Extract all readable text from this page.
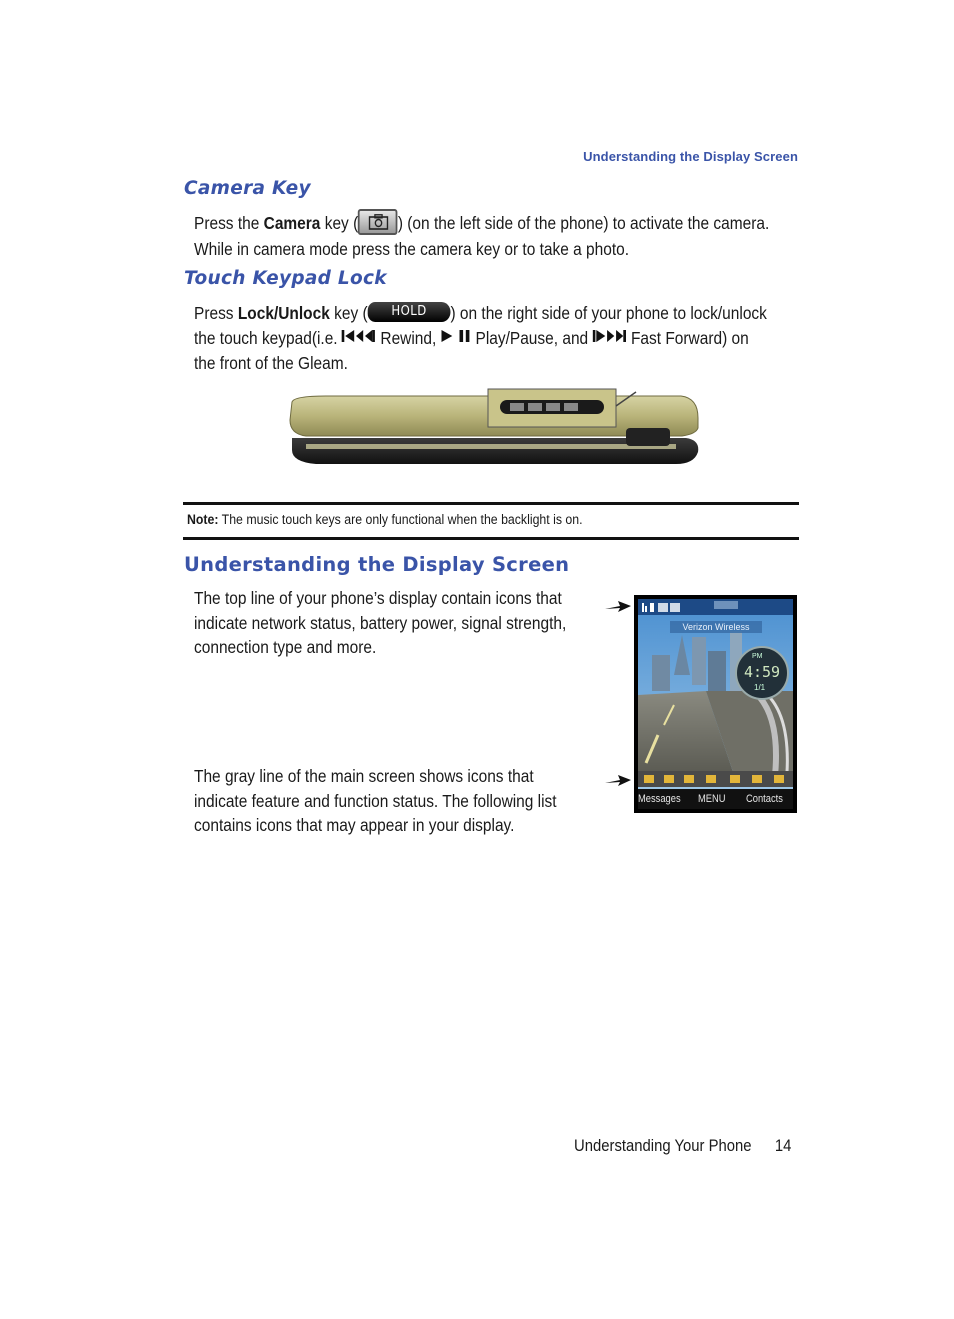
Understanding the Display Screen
Camera Key
Press the Camera key ( ) (on the left side of the phone) to activate the camera.
While in camera mode press the camera key or to take a photo.
Touch Keypad Lock
Press Lock/Unlock key ( HOLD ) on the right side of your phone to lock/unlock
the touch keypad(i.e.  Rewind,  Play/Pause, and  Fast Forward) on
the front of the Gleam.
Note: The music touch keys are only functional when the backlight is on.
Understanding the Display Screen
The top line of your phone’s display contain icons that
indicate network status, battery power, signal strength,
connection type and more.
The gray line of the main screen shows icons that
indicate feature and function status. The following list
contains icons that may appear in your display.
Verizon Wireless
4:59
PM
1/1
Messages MENU Contacts
Understanding Your Phone 14
